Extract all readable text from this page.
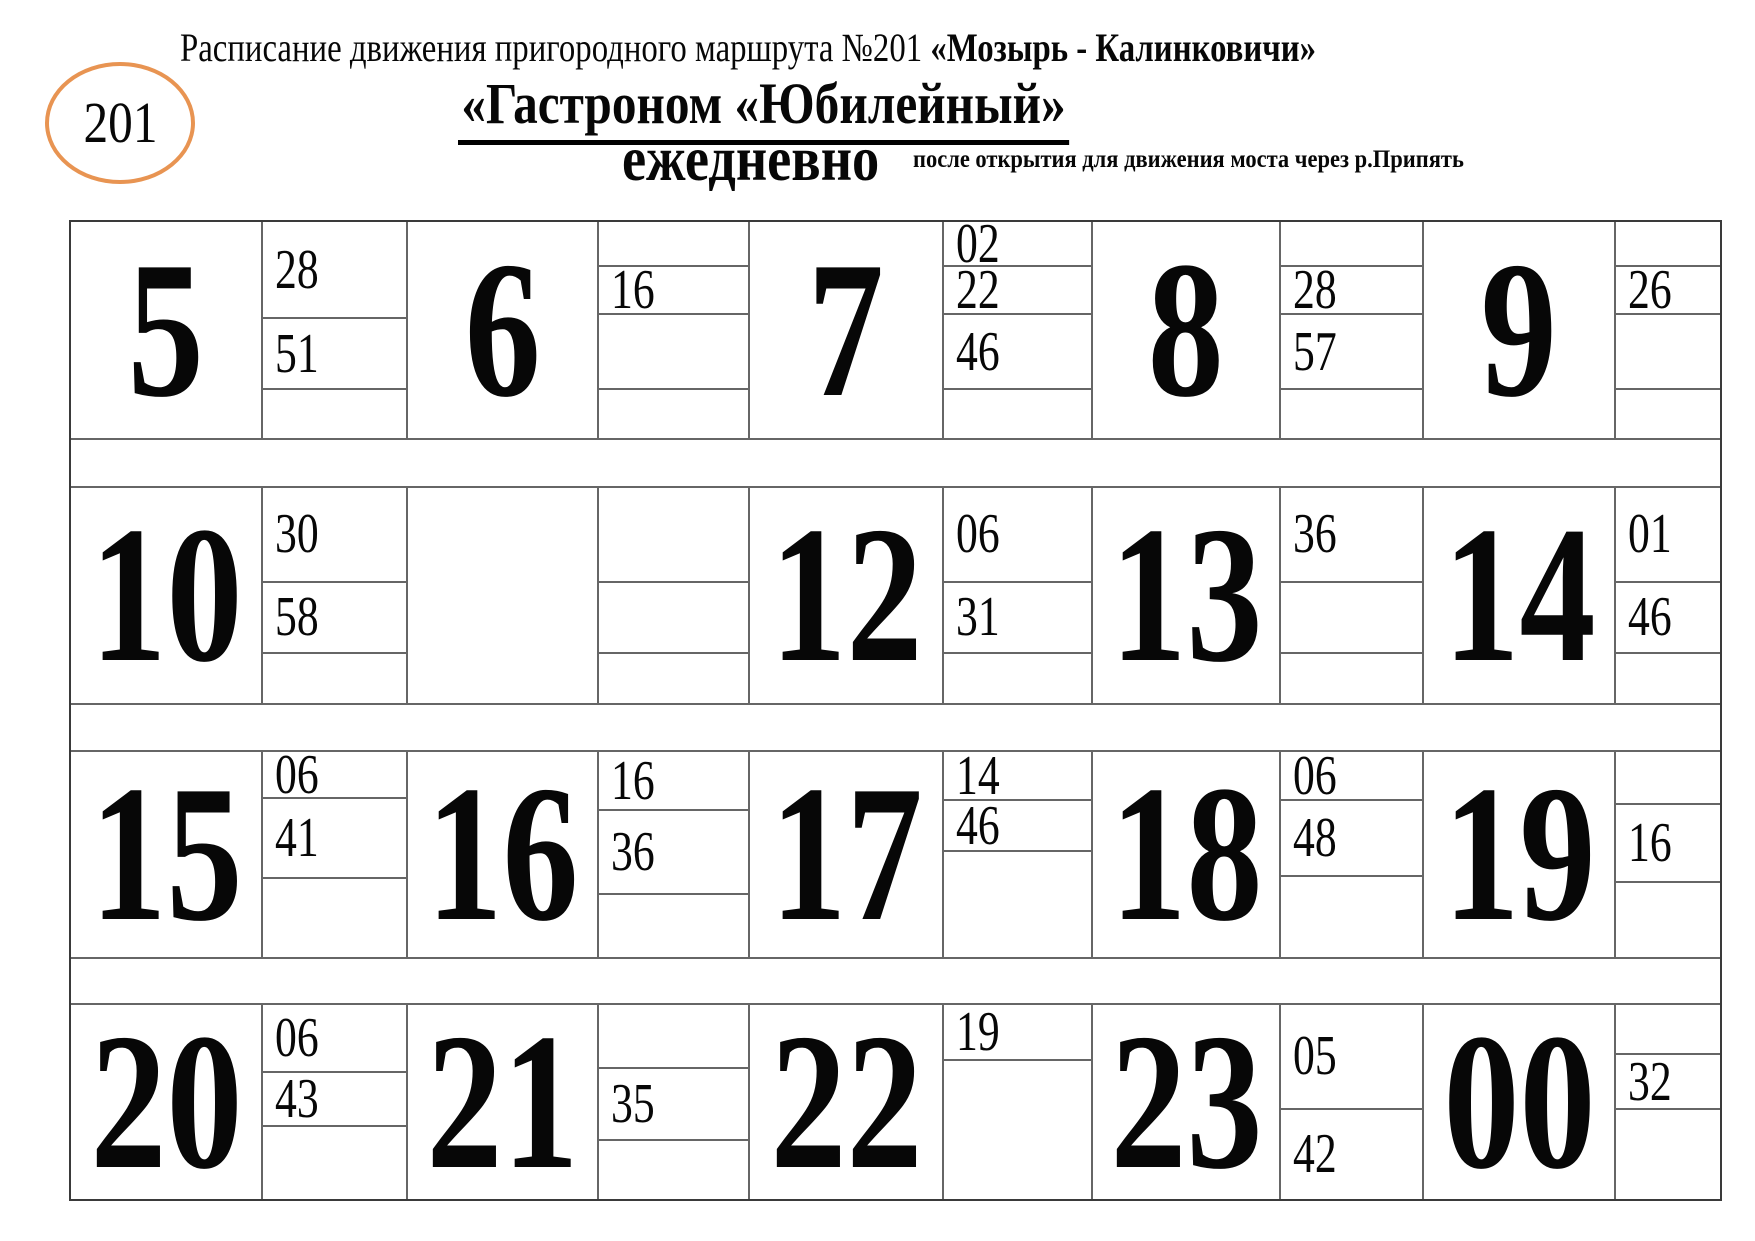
201
Расписание движения пригородного маршрута №201 «Мозырь - Калинковичи»
«Гастроном «Юбилейный»
ежедневно после открытия для движения моста через р.Припять
5 28
51 6 16 7 02
22
46 8 28
57 9 26
10 30
58 12 06
31 13 36 14 01
46
15 06
41 16 16
36 17 14
46 18 06
48 19 16
20 06
43 21 35 22 19 23 05
42 00 32
